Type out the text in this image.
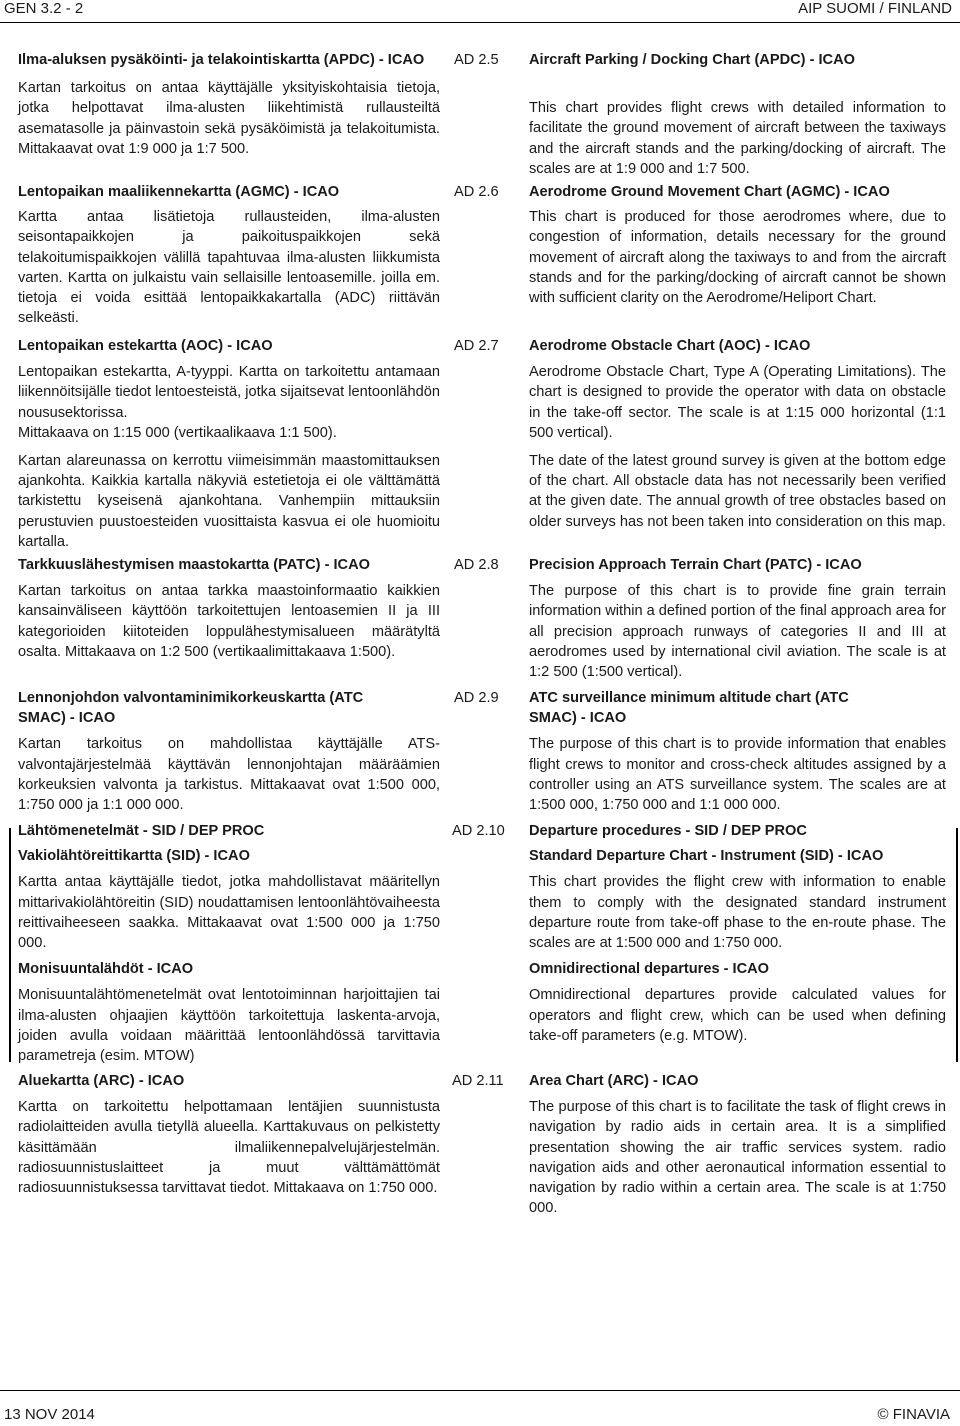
GEN 3.2 - 2	AIP SUOMI / FINLAND

Ilma-aluksen pysäköinti- ja telakointiskartta (APDC) - ICAO

Kartan tarkoitus on antaa käyttäjälle yksityiskohtaisia tietoja, jotka helpottavat ilma-alusten liikehtimistä rullausteiltä asematasolle ja päinvastoin sekä pysäköimistä ja telakoitumista. Mittakaavat ovat 1:9 000 ja 1:7 500.

Lentopaikan maaliikennekartta (AGMC) - ICAO

Kartta antaa lisätietoja rullausteiden, ilma-alusten seisontapaikkojen ja paikoituspaikkojen sekä telakoitumispaikkojen välillä tapahtuvaa ilma-alusten liikkumista varten. Kartta on julkaistu vain sellaisille lentoasemille. joilla em. tietoja ei voida esittää lentopaikkakartalla (ADC) riittävän selkeästi.

Lentopaikan estekartta (AOC) - ICAO

Lentopaikan estekartta, A-tyyppi. Kartta on tarkoitettu antamaan liikennöitsijälle tiedot lentoesteistä, jotka sijaitsevat lentoonlähdön noususektorissa.

Mittakaava on 1:15 000 (vertikaalikaava 1:1 500).

Kartan alareunassa on kerrottu viimeisimmän maastomittauksen ajankohta. Kaikkia kartalla näkyviä estetietoja ei ole välttämättä tarkistettu kyseisenä ajankohtana. Vanhempiin mittauksiin perustuvien puustoesteiden vuosittaista kasvua ei ole huomioitu kartalla.

Tarkkuuslähestymisen maastokartta (PATC) - ICAO

Kartan tarkoitus on antaa tarkka maastoinformaatio kaikkien kansainväliseen käyttöön tarkoitettujen lentoasemien II ja III kategorioiden kiitoteiden loppulähestymisalueen määrätyltä osalta. Mittakaava on 1:2 500 (vertikaalimittakaava 1:500).

Lennonjohdon valvontaminimikorkeuskartta (ATC SMAC) - ICAO

Kartan tarkoitus on mahdollistaa käyttäjälle ATS-valvontajärjestelmää käyttävän lennonjohtajan määräämien korkeuksien valvonta ja tarkistus. Mittakaavat ovat 1:500 000, 1:750 000 ja 1:1 000 000.

Lähtömenetelmät - SID / DEP PROC

Vakiolähtöreittikartta (SID) - ICAO

Kartta antaa käyttäjälle tiedot, jotka mahdollistavat määritellyn mittarivakiolähtöreitin (SID) noudattamisen lentoonlähtövaiheesta reittivaiheeseen saakka. Mittakaavat ovat 1:500 000 ja 1:750 000.

Monisuuntalähdöt - ICAO

Monisuuntalähtömenetelmät ovat lentotoiminnan harjoittajien tai ilma-alusten ohjaajien käyttöön tarkoitettuja laskenta-arvoja, joiden avulla voidaan määrittää lentoonlähdössä tarvittavia parametreja (esim. MTOW)

Aluekartta (ARC) - ICAO

Kartta on tarkoitettu helpottamaan lentäjien suunnistusta radiolaitteiden avulla tietyllä alueella. Karttakuvaus on pelkistetty käsittämään ilmaliikennepalvelujärjestelmän. radiosuunnistuslaitteet ja muut välttämättömät radiosuunnistuksessa tarvittavat tiedot. Mittakaava on 1:750 000.

AD 2.5

AD 2.6

AD 2.7

AD 2.8

AD 2.9

AD 2.10

AD 2.11

Aircraft Parking / Docking Chart (APDC) - ICAO

This chart provides flight crews with detailed information to facilitate the ground movement of aircraft between the taxiways and the aircraft stands and the parking/docking of aircraft. The scales are at 1:9 000 and 1:7 500.

Aerodrome Ground Movement Chart (AGMC) - ICAO

This chart is produced for those aerodromes where, due to congestion of information, details necessary for the ground movement of aircraft along the taxiways to and from the aircraft stands and for the parking/docking of aircraft cannot be shown with sufficient clarity on the Aerodrome/Heliport Chart.

Aerodrome Obstacle Chart (AOC) - ICAO

Aerodrome Obstacle Chart, Type A (Operating Limitations). The chart is designed to provide the operator with data on obstacle in the take-off sector. The scale is at 1:15 000 horizontal (1:1 500 vertical).

The date of the latest ground survey is given at the bottom edge of the chart. All obstacle data has not necessarily been verified at the given date. The annual growth of tree obstacles based on older surveys has not been taken into consideration on this map.

Precision Approach Terrain Chart (PATC) - ICAO

The purpose of this chart is to provide fine grain terrain information within a defined portion of the final approach area for all precision approach runways of categories II and III at aerodromes used by international civil aviation. The scale is at 1:2 500 (1:500 vertical).

ATC surveillance minimum altitude chart (ATC SMAC) - ICAO

The purpose of this chart is to provide information that enables flight crews to monitor and cross-check altitudes assigned by a controller using an ATS surveillance system. The scales are at 1:500 000, 1:750 000 and 1:1 000 000.

Departure procedures - SID / DEP PROC

Standard Departure Chart - Instrument (SID) - ICAO

This chart provides the flight crew with information to enable them to comply with the designated standard instrument departure route from take-off phase to the en-route phase. The scales are at 1:500 000 and 1:750 000.

Omnidirectional departures - ICAO

Omnidirectional departures provide calculated values for operators and flight crew, which can be used when defining take-off parameters (e.g. MTOW).

Area Chart (ARC) - ICAO

The purpose of this chart is to facilitate the task of flight crews in navigation by radio aids in certain area. It is a simplified presentation showing the air traffic services system. radio navigation aids and other aeronautical information essential to navigation by radio within a certain area. The scale is at 1:750 000.

13 NOV 2014	© FINAVIA
